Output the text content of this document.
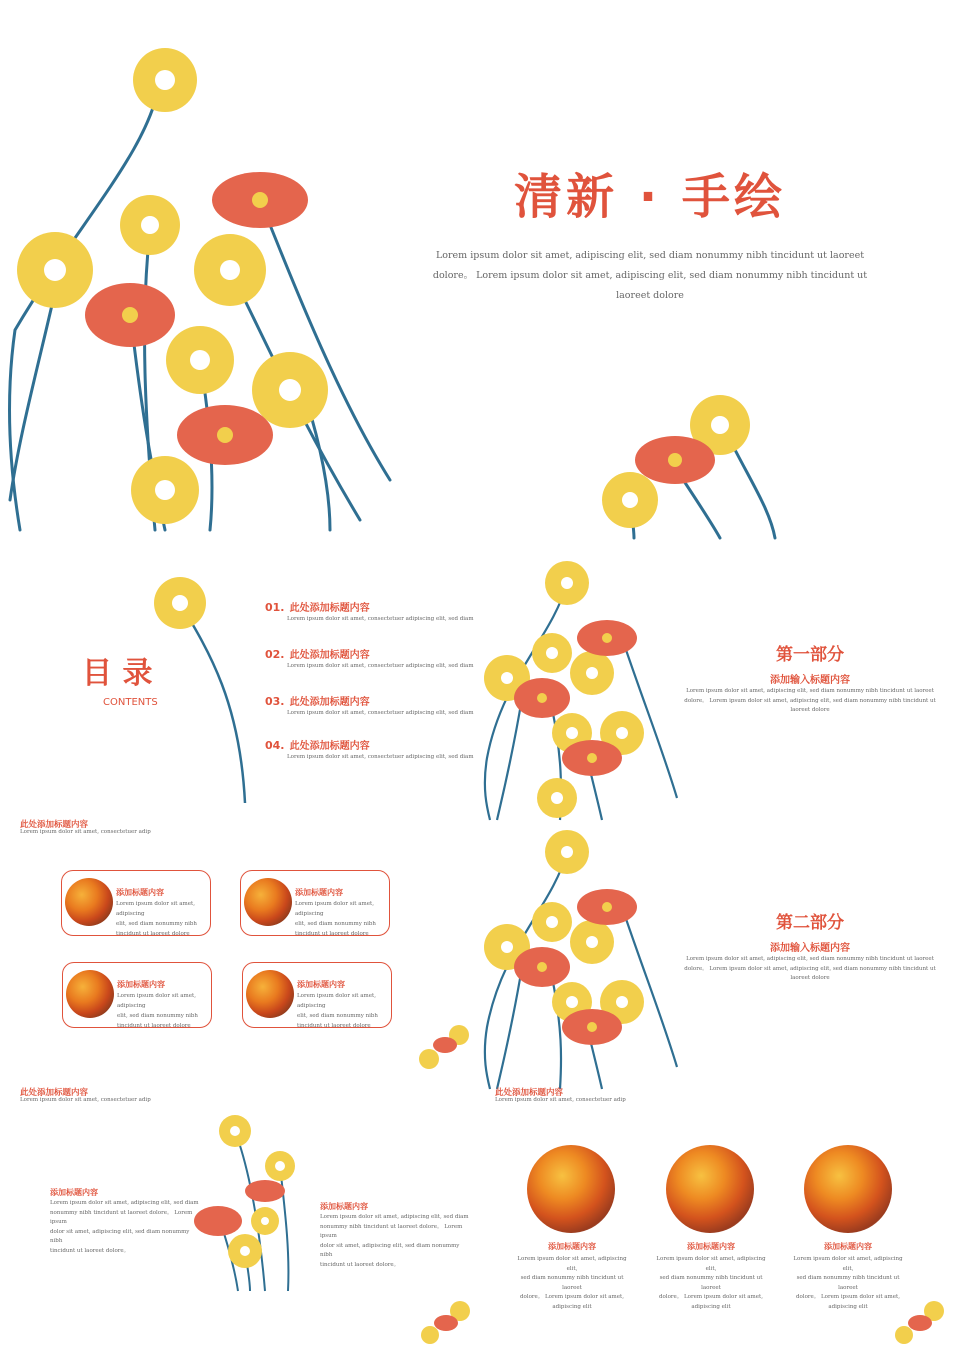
清新 · 手绘
Lorem ipsum dolor sit amet, adipiscing elit, sed diam nonummy nibh tincidunt ut laoreet
dolore。 Lorem ipsum dolor sit amet, adipiscing elit, sed diam nonummy nibh tincidunt ut
laoreet dolore
目 录
CONTENTS
01. 此处添加标题内容
Lorem ipsum dolor sit amet, consectetuer adipiscing elit, sed diam
02. 此处添加标题内容
Lorem ipsum dolor sit amet, consectetuer adipiscing elit, sed diam
03. 此处添加标题内容
Lorem ipsum dolor sit amet, consectetuer adipiscing elit, sed diam
04. 此处添加标题内容
Lorem ipsum dolor sit amet, consectetuer adipiscing elit, sed diam
第一部分
添加输入标题内容
Lorem ipsum dolor sit amet, adipiscing elit, sed diam nonummy nibh tincidunt ut laoreet
dolore。 Lorem ipsum dolor sit amet, adipiscing elit, sed diam nonummy nibh tincidunt ut
laoreet dolore
此处添加标题内容
Lorem ipsum dolor sit amet, consectetuer adip
添加标题内容
Lorem ipsum dolor sit amet, adipiscing
elit, sed diam nonummy nibh
tincidunt ut laoreet dolore
添加标题内容
Lorem ipsum dolor sit amet, adipiscing
elit, sed diam nonummy nibh
tincidunt ut laoreet dolore
添加标题内容
Lorem ipsum dolor sit amet, adipiscing
elit, sed diam nonummy nibh
tincidunt ut laoreet dolore
添加标题内容
Lorem ipsum dolor sit amet, adipiscing
elit, sed diam nonummy nibh
tincidunt ut laoreet dolore
第二部分
添加输入标题内容
Lorem ipsum dolor sit amet, adipiscing elit, sed diam nonummy nibh tincidunt ut laoreet
dolore。 Lorem ipsum dolor sit amet, adipiscing elit, sed diam nonummy nibh tincidunt ut
laoreet dolore
此处添加标题内容
Lorem ipsum dolor sit amet, consectetuer adip
添加标题内容
Lorem ipsum dolor sit amet, adipiscing elit, sed diam
nonummy nibh tincidunt ut laoreet dolore。 Lorem ipsum
dolor sit amet, adipiscing elit, sed diam nonummy nibh
tincidunt ut laoreet dolore。
添加标题内容
Lorem ipsum dolor sit amet, adipiscing elit, sed diam
nonummy nibh tincidunt ut laoreet dolore。 Lorem ipsum
dolor sit amet, adipiscing elit, sed diam nonummy nibh
tincidunt ut laoreet dolore。
此处添加标题内容
Lorem ipsum dolor sit amet, consectetuer adip
添加标题内容
Lorem ipsum dolor sit amet, adipiscing elit,
sed diam nonummy nibh tincidunt ut laoreet
dolore。 Lorem ipsum dolor sit amet,
adipiscing elit
添加标题内容
Lorem ipsum dolor sit amet, adipiscing elit,
sed diam nonummy nibh tincidunt ut laoreet
dolore。 Lorem ipsum dolor sit amet,
adipiscing elit
添加标题内容
Lorem ipsum dolor sit amet, adipiscing elit,
sed diam nonummy nibh tincidunt ut laoreet
dolore。 Lorem ipsum dolor sit amet,
adipiscing elit
